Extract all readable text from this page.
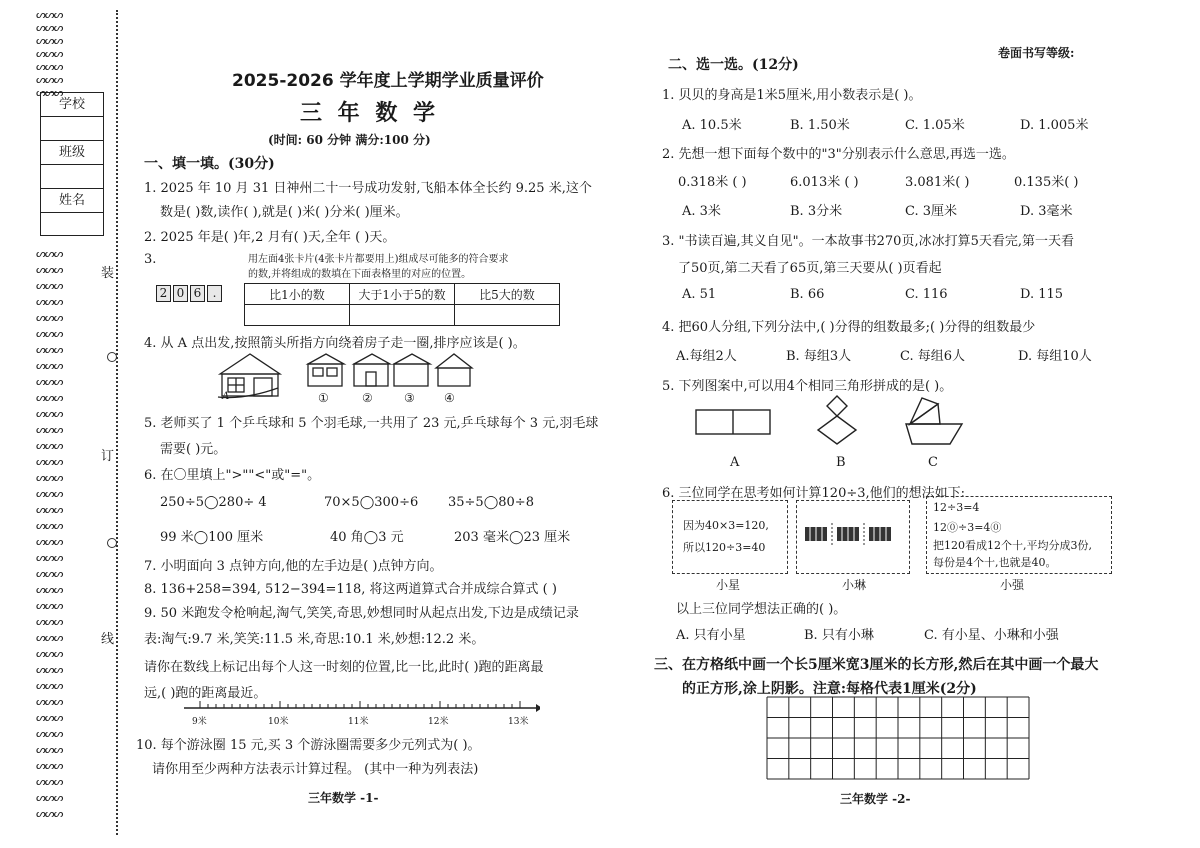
ᔕᔕᔕ
ᔕᔕᔕ
ᔕᔕᔕ
ᔕᔕᔕ
ᔕᔕᔕ
ᔕᔕᔕ
ᔕᔕᔕ
ᔕᔕᔕ
ᔕᔕᔕ
ᔕᔕᔕ
ᔕᔕᔕ
ᔕᔕᔕ
ᔕᔕᔕ
ᔕᔕᔕ
ᔕᔕᔕ
ᔕᔕᔕ
ᔕᔕᔕ
ᔕᔕᔕ
ᔕᔕᔕ
ᔕᔕᔕ
ᔕᔕᔕ
ᔕᔕᔕ
ᔕᔕᔕ
ᔕᔕᔕ
ᔕᔕᔕ
ᔕᔕᔕ
ᔕᔕᔕ
ᔕᔕᔕ
ᔕᔕᔕ
ᔕᔕᔕ
ᔕᔕᔕ
ᔕᔕᔕ
ᔕᔕᔕ
ᔕᔕᔕ
ᔕᔕᔕ
ᔕᔕᔕ
ᔕᔕᔕ
ᔕᔕᔕ
ᔕᔕᔕ
ᔕᔕᔕ
ᔕᔕᔕ
ᔕᔕᔕ
ᔕᔕᔕ
学校
班级
姓名
装
订
线
2025-2026 学年度上学期学业质量评价
三 年 数 学
(时间: 60 分钟 满分:100 分)
一、填一填。(30分)
1. 2025 年 10 月 31 日神州二十一号成功发射,飞船本体全长约 9.25 米,这个
数是( )数,读作( ),就是( )米( )分米( )厘米。
2. 2025 年是( )年,2 月有( )天,全年 ( )天。
3.	用左面4张卡片(4张卡片都要用上)组成尽可能多的符合要求
的数,并将组成的数填在下面表格里的对应的位置。
2 0 6 .	比1小的数	大于1小于5的数	比5大的数

4. 从 A 点出发,按照箭头所指方向绕着房子走一圈,排序应该是( )。
A	①	②	③ ④
5. 老师买了 1 个乒乓球和 5 个羽毛球,一共用了 23 元,乒乓球每个 3 元,羽毛球
需要( )元。
6. 在〇里填上">""<"或"="。
250÷5◯280÷ 4	70×5◯300÷6 35÷5◯80÷8
99 米◯100 厘米	40 角◯3 元	203 毫米◯23 厘米
7. 小明面向 3 点钟方向,他的左手边是( )点钟方向。
8. 136+258=394, 512−394=118, 将这两道算式合并成综合算式 ( )
9. 50 米跑发令枪响起,淘气,笑笑,奇思,妙想同时从起点出发,下边是成绩记录
表:淘气:9.7 米,笑笑:11.5 米,奇思:10.1 米,妙想:12.2 米。
请你在数线上标记出每个人这一时刻的位置,比一比,此时( )跑的距离最
远,( )跑的距离最近。
9米	10米	11米	12米	13米
10. 每个游泳圈 15 元,买 3 个游泳圈需要多少元列式为( )。
请你用至少两种方法表示计算过程。 (其中一种为列表法)
三年数学 -1-
卷面书写等级:
二、选一选。(12分)
1. 贝贝的身高是1米5厘米,用小数表示是( )。
A. 10.5米	B. 1.50米	C. 1.05米	D. 1.005米
2. 先想一想下面每个数中的"3"分别表示什么意思,再选一选。
0.318米 ( )	6.013米 ( )	3.081米( )	0.135米( )
A. 3米	B. 3分米	C. 3厘米	D. 3毫米
3. "书读百遍,其义自见"。一本故事书270页,冰冰打算5天看完,第一天看
了50页,第二天看了65页,第三天要从( )页看起
A. 51	B. 66	C. 116	D. 115
4. 把60人分组,下列分法中,( )分得的组数最多;( )分得的组数最少
A.每组2人	B. 每组3人	C. 每组6人	D. 每组10人
5. 下列图案中,可以用4个相同三角形拼成的是( )。
A	B	C
6. 三位同学在思考如何计算120÷3,他们的想法如下:
因为40×3=120,
所以120÷3=40
12÷3=4
12⓪÷3=4⓪
把120看成12个十,平均分成3份,
每份是4个十,也就是40。
小星	小琳	小强
以上三位同学想法正确的( )。
A. 只有小星	B. 只有小琳	C. 有小星、小琳和小强
三、在方格纸中画一个长5厘米宽3厘米的长方形,然后在其中画一个最大
的正方形,涂上阴影。注意:每格代表1厘米(2分)
三年数学 -2-
